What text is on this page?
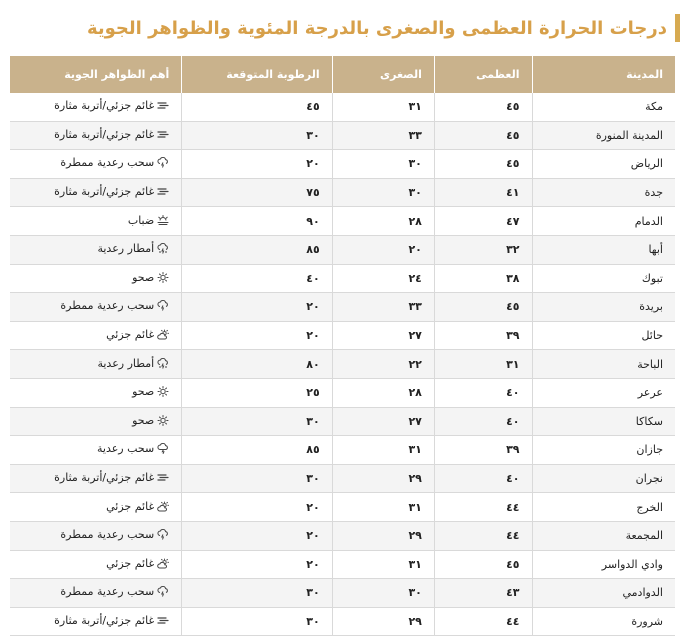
درجات الحرارة العظمى والصغرى بالدرجة المئوية والظواهر الجوية
المدينة	العظمى	الصغرى	الرطوبة المتوقعة	أهم الظواهر الجوية
مكة	٤٥	٣١	٤٥	غائم جزئي/أتربة مثارة

المدينة المنورة	٤٥	٣٣	٣٠	غائم جزئي/أتربة مثارة

الرياض	٤٥	٣٠	٢٠	سحب رعدية ممطرة

جدة	٤١	٣٠	٧٥	غائم جزئي/أتربة مثارة

الدمام	٤٧	٢٨	٩٠	ضباب

أبها	٣٢	٢٠	٨٥	أمطار رعدية

تبوك	٣٨	٢٤	٤٠	صحو

بريدة	٤٥	٣٣	٢٠	سحب رعدية ممطرة

حائل	٣٩	٢٧	٢٠	غائم جزئي

الباحة	٣١	٢٢	٨٠	أمطار رعدية

عرعر	٤٠	٢٨	٢٥	صحو

سكاكا	٤٠	٢٧	٣٠	صحو

جازان	٣٩	٣١	٨٥	سحب رعدية

نجران	٤٠	٢٩	٣٠	غائم جزئي/أتربة مثارة

الخرج	٤٤	٣١	٢٠	غائم جزئي

المجمعة	٤٤	٢٩	٢٠	سحب رعدية ممطرة

وادي الدواسر	٤٥	٣١	٢٠	غائم جزئي

الدوادمي	٤٣	٣٠	٣٠	سحب رعدية ممطرة

شرورة	٤٤	٢٩	٣٠	غائم جزئي/أتربة مثارة
